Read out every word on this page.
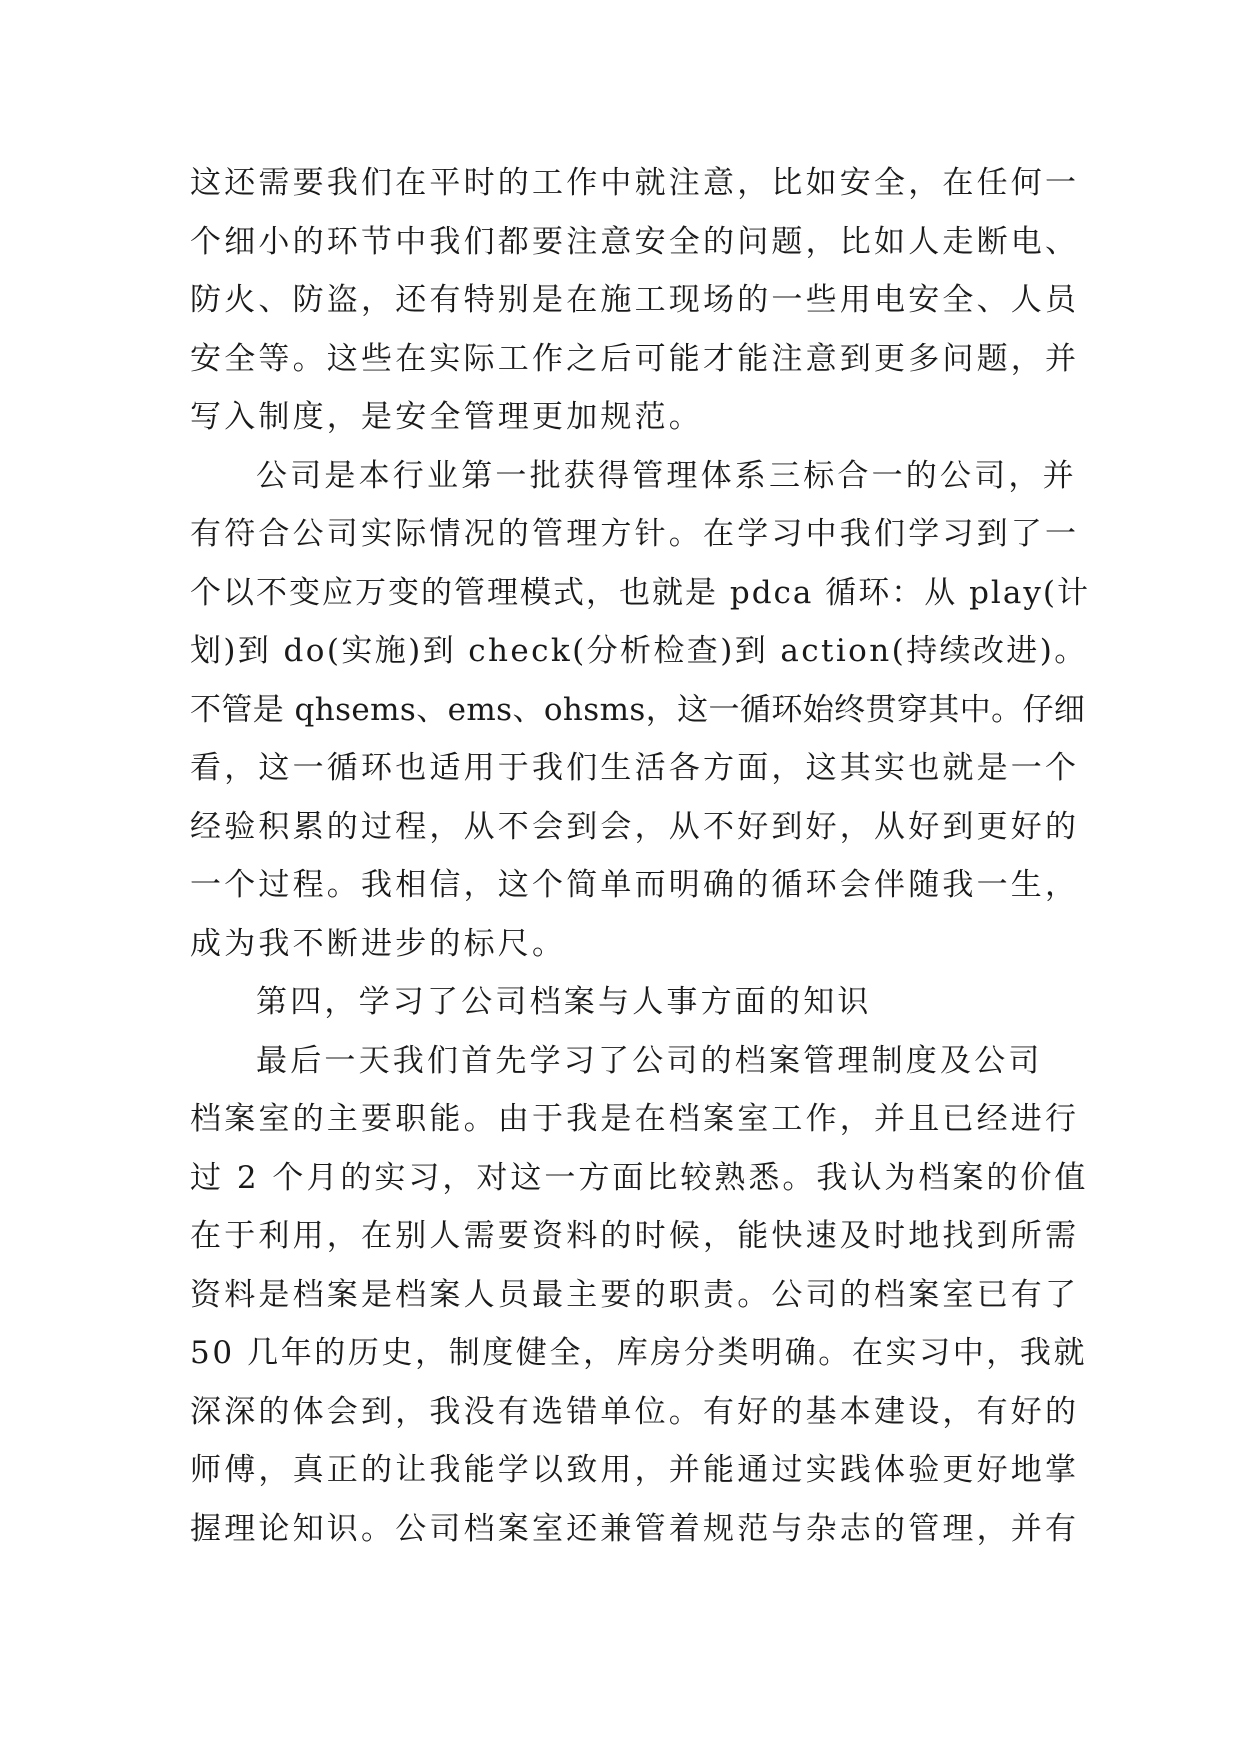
这还需要我们在平时的工作中就注意，比如安全，在任何一
个细小的环节中我们都要注意安全的问题，比如人走断电、
防火、防盗，还有特别是在施工现场的一些用电安全、人员
安全等。这些在实际工作之后可能才能注意到更多问题，并
写入制度，是安全管理更加规范。
公司是本行业第一批获得管理体系三标合一的公司，并
有符合公司实际情况的管理方针。在学习中我们学习到了一
个以不变应万变的管理模式，也就是 pdca 循环：从 play(计
划)到 do(实施)到 check(分析检查)到 action(持续改进)。
不管是 qhsems、ems、ohsms，这一循环始终贯穿其中。仔细
看，这一循环也适用于我们生活各方面，这其实也就是一个
经验积累的过程，从不会到会，从不好到好，从好到更好的
一个过程。我相信，这个简单而明确的循环会伴随我一生，
成为我不断进步的标尺。
第四，学习了公司档案与人事方面的知识
最后一天我们首先学习了公司的档案管理制度及公司
档案室的主要职能。由于我是在档案室工作，并且已经进行
过 2 个月的实习，对这一方面比较熟悉。我认为档案的价值
在于利用，在别人需要资料的时候，能快速及时地找到所需
资料是档案是档案人员最主要的职责。公司的档案室已有了
50 几年的历史，制度健全，库房分类明确。在实习中，我就
深深的体会到，我没有选错单位。有好的基本建设，有好的
师傅，真正的让我能学以致用，并能通过实践体验更好地掌
握理论知识。公司档案室还兼管着规范与杂志的管理，并有
